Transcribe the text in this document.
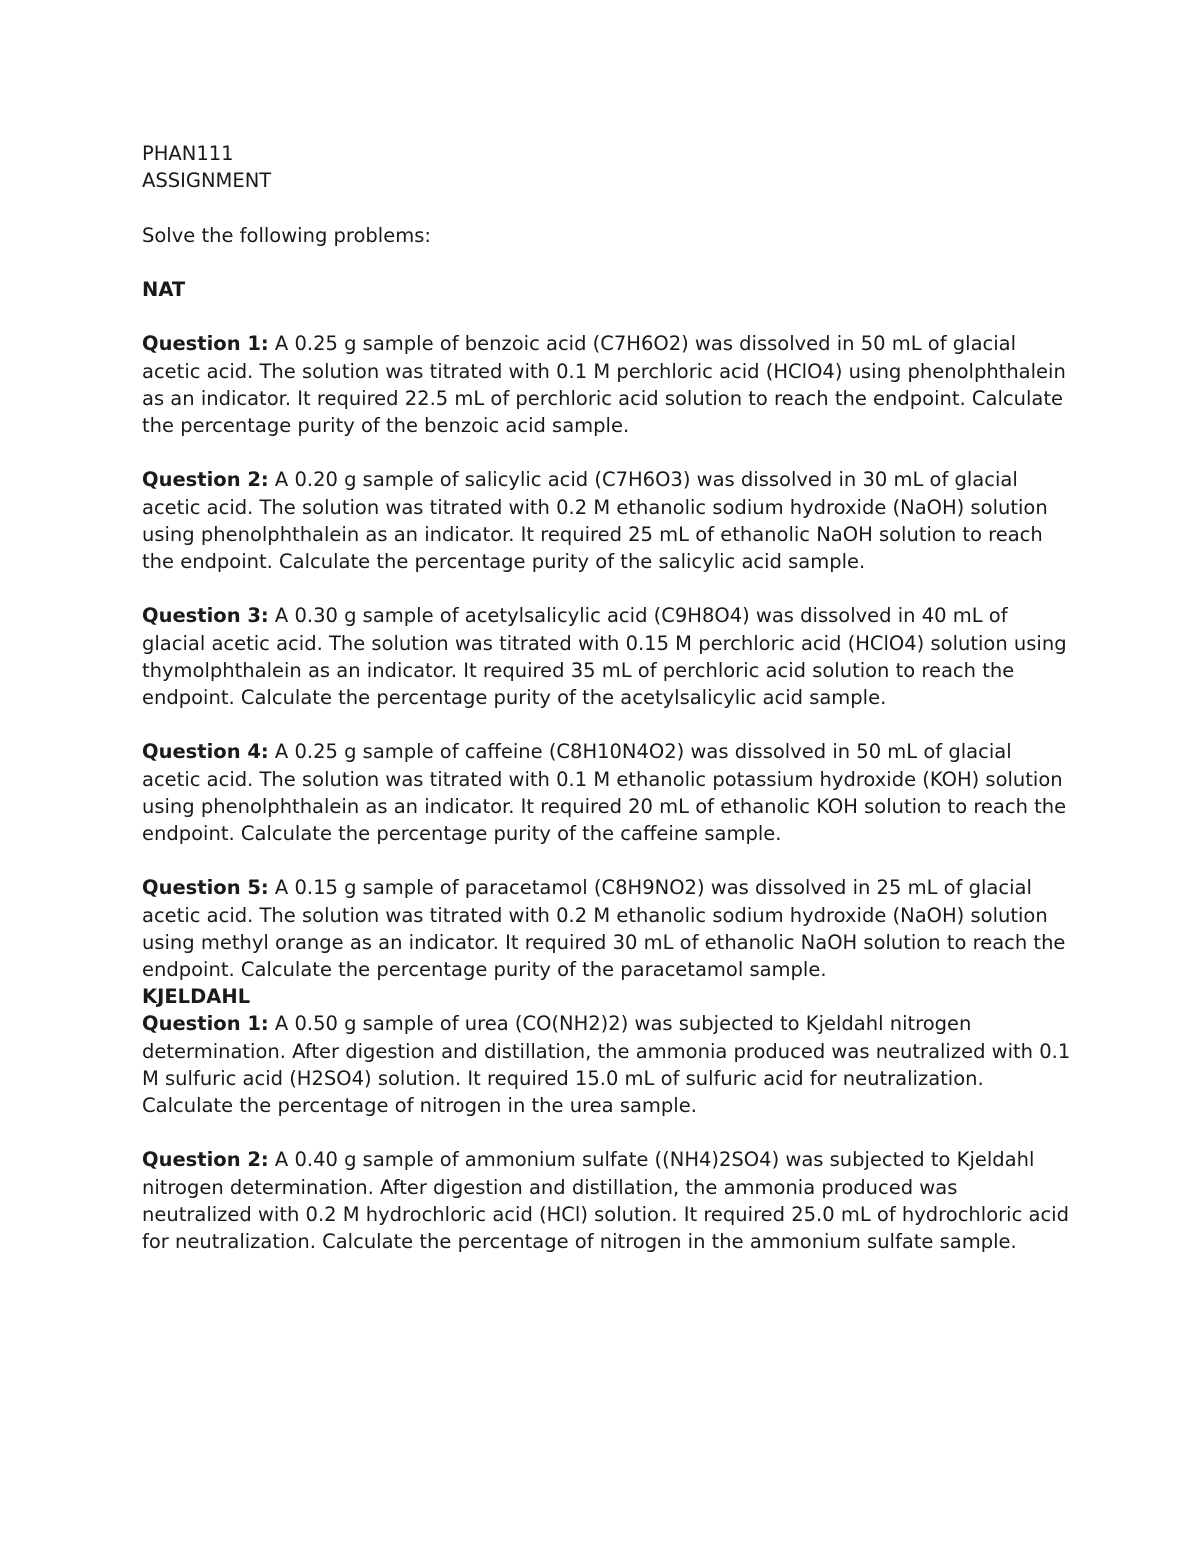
PHAN111

ASSIGNMENT

Solve the following problems:

NAT

Question 1: A 0.25 g sample of benzoic acid (C7H6O2) was dissolved in 50 mL of glacial acetic acid. The solution was titrated with 0.1 M perchloric acid (HClO4) using phenolphthalein as an indicator. It required 22.5 mL of perchloric acid solution to reach the endpoint. Calculate the percentage purity of the benzoic acid sample.

Question 2: A 0.20 g sample of salicylic acid (C7H6O3) was dissolved in 30 mL of glacial acetic acid. The solution was titrated with 0.2 M ethanolic sodium hydroxide (NaOH) solution using phenolphthalein as an indicator. It required 25 mL of ethanolic NaOH solution to reach the endpoint. Calculate the percentage purity of the salicylic acid sample.

Question 3: A 0.30 g sample of acetylsalicylic acid (C9H8O4) was dissolved in 40 mL of glacial acetic acid. The solution was titrated with 0.15 M perchloric acid (HClO4) solution using thymolphthalein as an indicator. It required 35 mL of perchloric acid solution to reach the endpoint. Calculate the percentage purity of the acetylsalicylic acid sample.

Question 4: A 0.25 g sample of caffeine (C8H10N4O2) was dissolved in 50 mL of glacial acetic acid. The solution was titrated with 0.1 M ethanolic potassium hydroxide (KOH) solution using phenolphthalein as an indicator. It required 20 mL of ethanolic KOH solution to reach the endpoint. Calculate the percentage purity of the caffeine sample.

Question 5: A 0.15 g sample of paracetamol (C8H9NO2) was dissolved in 25 mL of glacial acetic acid. The solution was titrated with 0.2 M ethanolic sodium hydroxide (NaOH) solution using methyl orange as an indicator. It required 30 mL of ethanolic NaOH solution to reach the endpoint. Calculate the percentage purity of the paracetamol sample.

KJELDAHL

Question 1: A 0.50 g sample of urea (CO(NH2)2) was subjected to Kjeldahl nitrogen determination. After digestion and distillation, the ammonia produced was neutralized with 0.1 M sulfuric acid (H2SO4) solution. It required 15.0 mL of sulfuric acid for neutralization. Calculate the percentage of nitrogen in the urea sample.

Question 2: A 0.40 g sample of ammonium sulfate ((NH4)2SO4) was subjected to Kjeldahl nitrogen determination. After digestion and distillation, the ammonia produced was neutralized with 0.2 M hydrochloric acid (HCl) solution. It required 25.0 mL of hydrochloric acid for neutralization. Calculate the percentage of nitrogen in the ammonium sulfate sample.
